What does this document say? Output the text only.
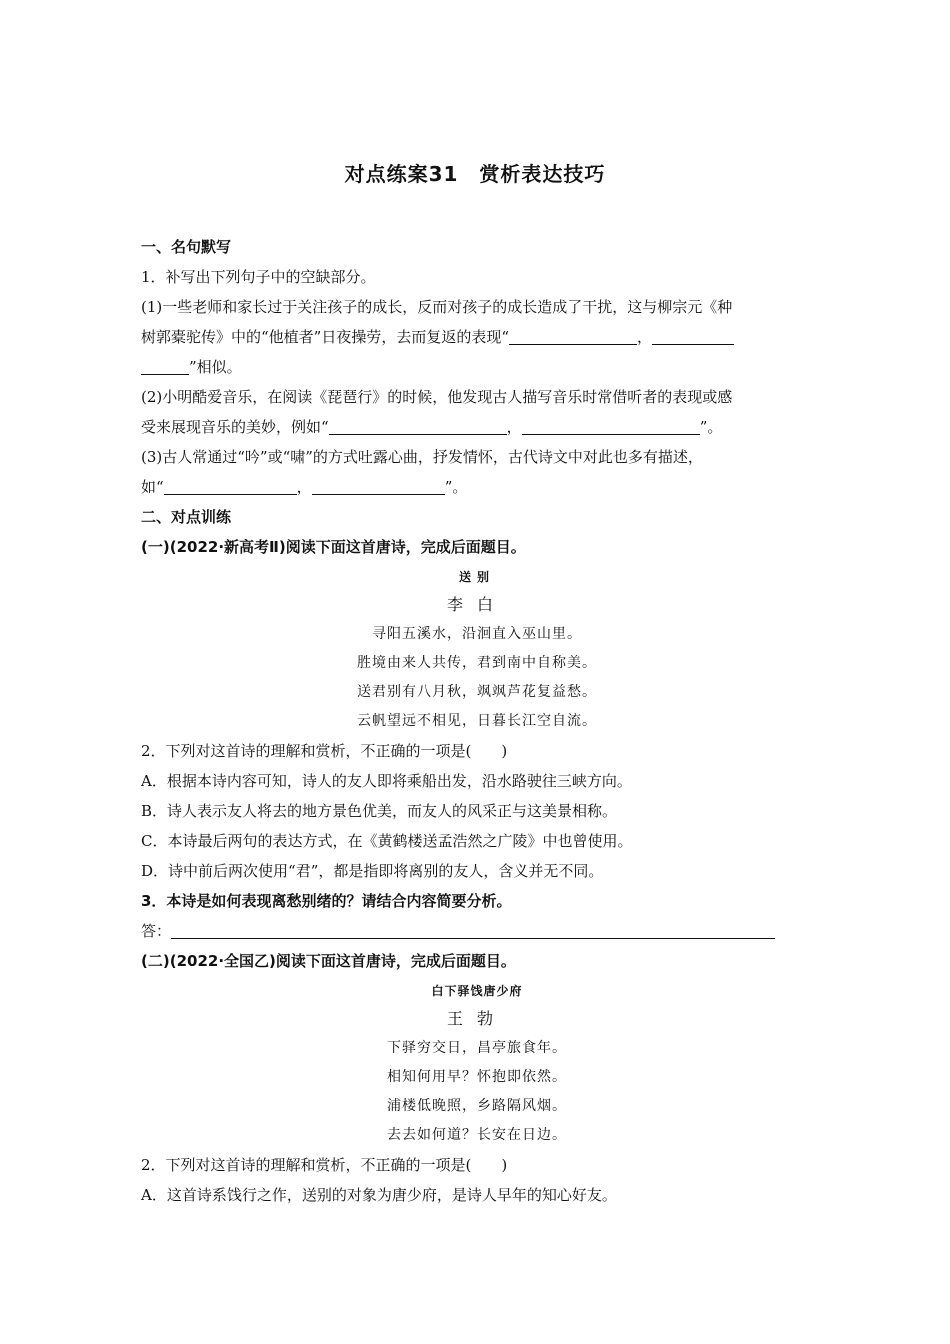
对点练案31　赏析表达技巧

一、名句默写

1．补写出下列句子中的空缺部分。

(1)一些老师和家长过于关注孩子的成长，反而对孩子的成长造成了干扰，这与柳宗元《种

树郭橐驼传》中的“他植者”日夜操劳，去而复返的表现“	，

”相似。

(2)小明酷爱音乐，在阅读《琵琶行》的时候，他发现古人描写音乐时常借听者的表现或感

受来展现音乐的美妙，例如“	，	”。

(3)古人常通过“吟”或“啸”的方式吐露心曲，抒发情怀，古代诗文中对此也多有描述，

如“	，	”。

二、对点训练

(一)(2022·新高考Ⅱ)阅读下面这首唐诗，完成后面题目。

送别
李白
寻阳五溪水，沿洄直入巫山里。
胜境由来人共传，君到南中自称美。
送君别有八月秋，飒飒芦花复益愁。
云帆望远不相见，日暮长江空自流。

2．下列对这首诗的理解和赏析，不正确的一项是(　　)

A．根据本诗内容可知，诗人的友人即将乘船出发，沿水路驶往三峡方向。

B．诗人表示友人将去的地方景色优美，而友人的风采正与这美景相称。

C．本诗最后两句的表达方式，在《黄鹤楼送孟浩然之广陵》中也曾使用。

D．诗中前后两次使用“君”，都是指即将离别的友人，含义并无不同。

3．本诗是如何表现离愁别绪的？请结合内容简要分析。

答：

(二)(2022·全国乙)阅读下面这首唐诗，完成后面题目。

白下驿饯唐少府
王勃
下驿穷交日，昌亭旅食年。
相知何用早？怀抱即依然。
浦楼低晚照，乡路隔风烟。
去去如何道？长安在日边。

2．下列对这首诗的理解和赏析，不正确的一项是(　　)

A．这首诗系饯行之作，送别的对象为唐少府，是诗人早年的知心好友。
